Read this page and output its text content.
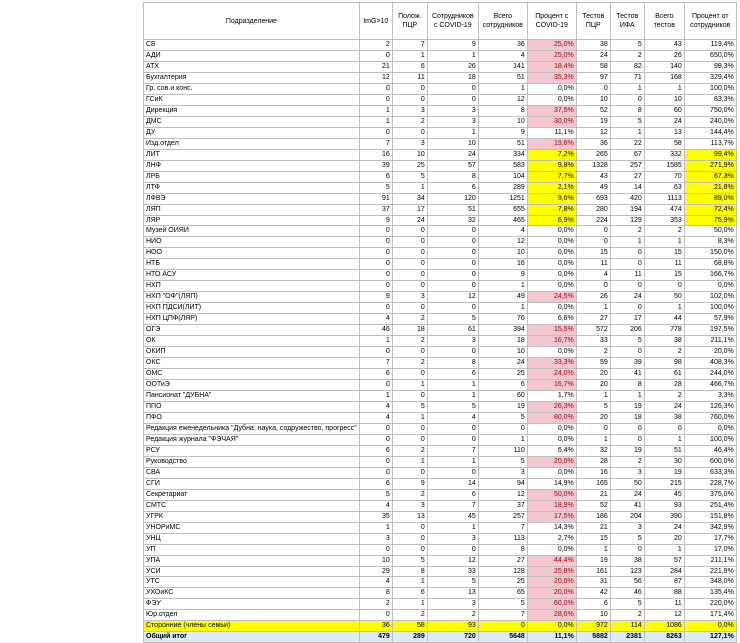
Подразделение	ImG>10	Полож. ПЦР	Сотрудников с COVID-19	Всего сотрудников	Процент с COVID-19	Тестов ПЦР	Тестов ИФА	Всего тестов	Процент от сотрудников
СБ	2	7	9	36	25,0%	38	5	43	119,4%
АДИ	0	1	1	4	25,0%	24	2	26	650,0%
АТХ	21	6	26	141	18,4%	58	82	140	99,3%
Бухгалтерия	12	11	18	51	35,3%	97	71	168	329,4%
Гр. сов.и конс.	0	0	0	1	0,0%	0	1	1	100,0%
ГСиК	0	0	0	12	0,0%	10	0	10	83,3%
Дирекция	1	3	3	8	37,5%	52	8	60	750,0%
ДМС	1	2	3	10	30,0%	19	5	24	240,0%
ДУ	0	0	1	9	11,1%	12	1	13	144,4%
Изд.отдел	7	3	10	51	19,6%	36	22	58	113,7%
ЛИТ	16	10	24	334	7,2%	265	67	332	99,4%
ЛНФ	39	25	57	583	9,8%	1328	257	1585	271,9%
ЛРБ	6	5	8	104	7,7%	43	27	70	67,3%
ЛТФ	5	1	6	289	2,1%	49	14	63	21,8%
ЛФВЭ	91	34	120	1251	9,6%	693	420	1113	89,0%
ЛЯП	37	17	51	655	7,8%	280	194	474	72,4%
ЛЯР	9	24	32	465	6,9%	224	129	353	75,9%
Музей ОИЯИ	0	0	0	4	0,0%	0	2	2	50,0%
НИО	0	0	0	12	0,0%	0	1	1	8,3%
НОО	0	0	0	10	0,0%	15	0	15	150,0%
НТБ	0	0	0	16	0,0%	11	0	11	68,8%
НТО АСУ	0	0	0	9	0,0%	4	11	15	166,7%
НХП	0	0	0	1	0,0%	0	0	0	0,0%
НХП "ОФ"(ЛЯП)	9	3	12	49	24,5%	26	24	50	102,0%
НХП ПДСИ(ЛИТ)	0	0	0	1	0,0%	1	0	1	100,0%
НХП ЦПФ(ЛЯР)	4	2	5	76	6,6%	27	17	44	57,9%
ОГЭ	46	18	61	394	15,5%	572	206	778	197,5%
ОК	1	2	3	18	16,7%	33	5	38	211,1%
ОКИП	0	0	0	10	0,0%	2	0	2	20,0%
ОКС	7	2	8	24	33,3%	59	39	98	408,3%
ОМС	6	0	6	25	24,0%	20	41	61	244,0%
ООТиЭ	0	1	1	6	16,7%	20	8	28	466,7%
Пансионат "ДУБНА"	1	0	1	60	1,7%	1	1	2	3,3%
ППО	4	5	5	19	26,3%	5	19	24	126,3%
ПФО	4	1	4	5	80,0%	20	18	38	760,0%
Редакция еженедельника "Дубна: наука, содружество, прогресс"	0	0	0	0	0,0%	0	0	0	0,0%
Редакция журнала "ФЭЧАЯ"	0	0	0	1	0,0%	1	0	1	100,0%
РСУ	6	2	7	110	6,4%	32	19	51	46,4%
Руководство	0	1	1	5	20,0%	28	2	30	600,0%
СВА	0	0	0	3	0,0%	16	3	19	633,3%
СГИ	6	9	14	94	14,9%	165	50	215	228,7%
Секретариат	5	2	6	12	50,0%	21	24	45	375,0%
СМТС	4	3	7	37	18,9%	52	41	93	251,4%
УГРК	35	13	45	257	17,5%	186	204	390	151,8%
УНОРиМС	1	0	1	7	14,3%	21	3	24	342,9%
УНЦ	3	0	3	113	2,7%	15	5	20	17,7%
УП	0	0	0	8	0,0%	1	0	1	17,0%
УПА	10	5	12	27	44,4%	19	38	57	211,1%
УСИ	29	8	33	128	25,8%	161	123	284	221,9%
УТС	4	1	5	25	20,0%	31	56	87	348,0%
УХОиКС	8	6	13	65	20,0%	42	46	88	135,4%
ФЭУ	2	1	3	5	60,0%	6	5	11	220,0%
Юр.отдел	0	2	2	7	28,6%	10	2	12	171,4%
Сторонние (члены семьи)	36	58	93	0	0,0%	972	114	1086	0,0%
Общий итог	479	289	720	5648	11,1%	5882	2381	8263	127,1%
